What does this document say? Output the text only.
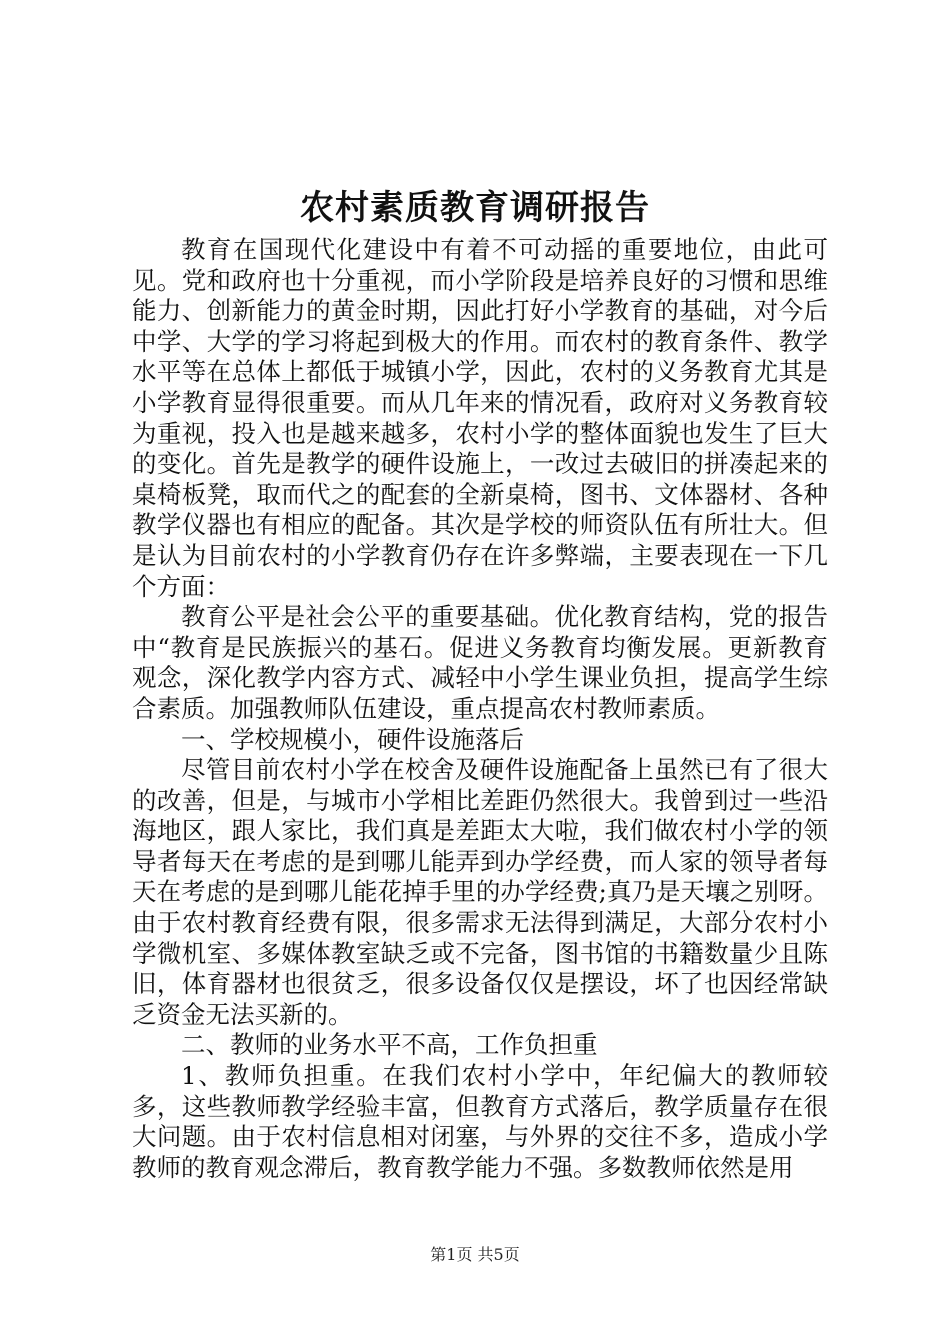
农村素质教育调研报告

教育在国现代化建设中有着不可动摇的重要地位，由此可见。党和政府也十分重视，而小学阶段是培养良好的习惯和思维能力、创新能力的黄金时期，因此打好小学教育的基础，对今后中学、大学的学习将起到极大的作用。而农村的教育条件、教学水平等在总体上都低于城镇小学，因此，农村的义务教育尤其是小学教育显得很重要。而从几年来的情况看，政府对义务教育较为重视，投入也是越来越多，农村小学的整体面貌也发生了巨大的变化。首先是教学的硬件设施上，一改过去破旧的拼凑起来的桌椅板凳，取而代之的配套的全新桌椅，图书、文体器材、各种教学仪器也有相应的配备。其次是学校的师资队伍有所壮大。但是认为目前农村的小学教育仍存在许多弊端，主要表现在一下几个方面：

教育公平是社会公平的重要基础。优化教育结构，党的报告中“教育是民族振兴的基石。促进义务教育均衡发展。更新教育观念，深化教学内容方式、减轻中小学生课业负担，提高学生综合素质。加强教师队伍建设，重点提高农村教师素质。

一、学校规模小，硬件设施落后

尽管目前农村小学在校舍及硬件设施配备上虽然已有了很大的改善，但是，与城市小学相比差距仍然很大。我曾到过一些沿海地区，跟人家比，我们真是差距太大啦，我们做农村小学的领导者每天在考虑的是到哪儿能弄到办学经费，而人家的领导者每天在考虑的是到哪儿能花掉手里的办学经费;真乃是天壤之别呀。由于农村教育经费有限，很多需求无法得到满足，大部分农村小学微机室、多媒体教室缺乏或不完备，图书馆的书籍数量少且陈旧，体育器材也很贫乏，很多设备仅仅是摆设，坏了也因经常缺乏资金无法买新的。

二、教师的业务水平不高，工作负担重

1、教师负担重。在我们农村小学中，年纪偏大的教师较多，这些教师教学经验丰富，但教育方式落后，教学质量存在很大问题。由于农村信息相对闭塞，与外界的交往不多，造成小学教师的教育观念滞后，教育教学能力不强。多数教师依然是用

第1页 共5页
